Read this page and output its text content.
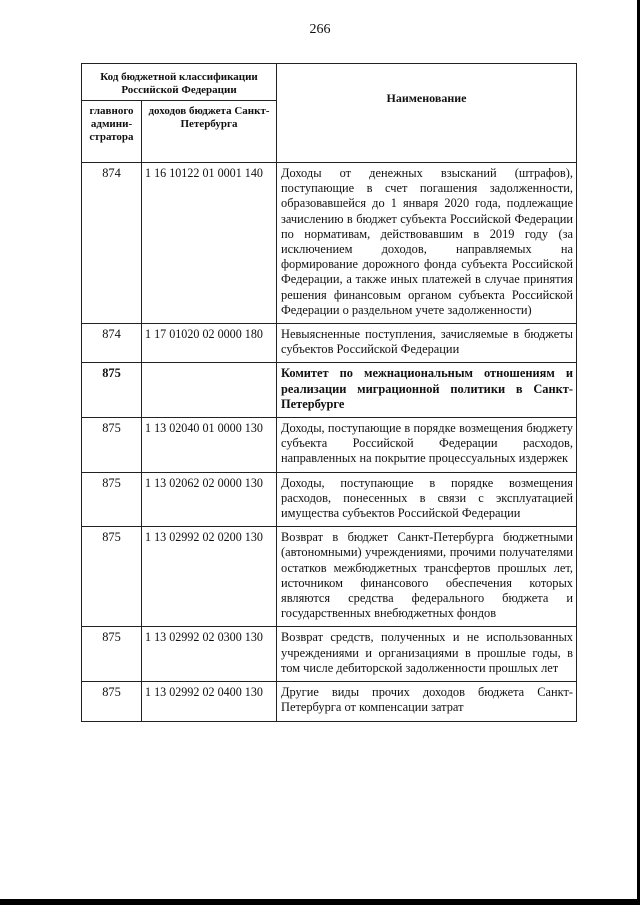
266
Код бюджетной классификации Российской Федерации		Наименование
главного админи-стратора	доходов бюджета Санкт-Петербурга	
874	1 16 10122 01 0001 140	Доходы от денежных взысканий (штрафов), поступающие в счет погашения задолженности, образовавшейся до 1 января 2020 года, подлежащие зачислению в бюджет субъекта Российской Федерации по нормативам, действовавшим в 2019 году (за исключением доходов, направляемых на формирование дорожного фонда субъекта Российской Федерации, а также иных платежей в случае принятия решения финансовым органом субъекта Российской Федерации о раздельном учете задолженности)
874	1 17 01020 02 0000 180	Невыясненные поступления, зачисляемые в бюджеты субъектов Российской Федерации
875		Комитет по межнациональным отношениям и реализации миграционной политики в Санкт-Петербурге
875	1 13 02040 01 0000 130	Доходы, поступающие в порядке возмещения бюджету субъекта Российской Федерации расходов, направленных на покрытие процессуальных издержек
875	1 13 02062 02 0000 130	Доходы, поступающие в порядке возмещения расходов, понесенных в связи с эксплуатацией имущества субъектов Российской Федерации
875	1 13 02992 02 0200 130	Возврат в бюджет Санкт-Петербурга бюджетными (автономными) учреждениями, прочими получателями остатков межбюджетных трансфертов прошлых лет, источником финансового обеспечения которых являются средства федерального бюджета и государственных внебюджетных фондов
875	1 13 02992 02 0300 130	Возврат средств, полученных и не использованных учреждениями и организациями в прошлые годы, в том числе дебиторской задолженности прошлых лет
875	1 13 02992 02 0400 130	Другие виды прочих доходов бюджета Санкт-Петербурга от компенсации затрат
